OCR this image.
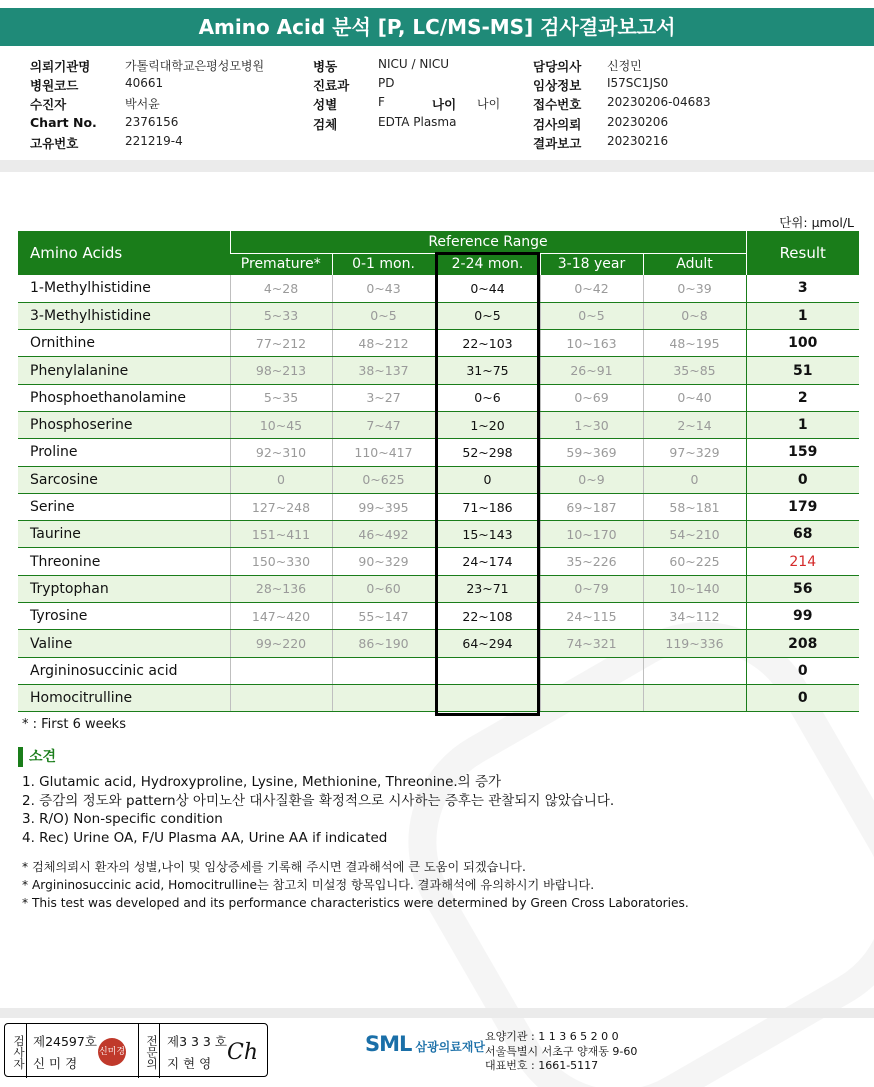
Amino Acid 분석 [P, LC/MS-MS] 검사결과보고서
의뢰기관명	가톨릭대학교은평성모병원
병원코드	40661
수진자	박서윤
Chart No. 2376156
고유번호	221219-4
병동	NICU / NICU
진료과 PD
성별	F
검체	EDTA Plasma
담당의사 신정민
임상정보 I57SC1JS0
접수번호 20230206-04683
검사의뢰 20230206
결과보고 20230216
나이 나이
단위: µmol/L
Amino Acids	Reference Range					Result
	Premature*	0-1 mon.	2-24 mon.	3-18 year	Adult	
1-Methylhistidine	4~28	0~43	0~44	0~42	0~39	3
3-Methylhistidine	5~33	0~5	0~5	0~5	0~8	1
Ornithine	77~212	48~212	22~103	10~163	48~195	100
Phenylalanine	98~213	38~137	31~75	26~91	35~85	51
Phosphoethanolamine	5~35	3~27	0~6	0~69	0~40	2
Phosphoserine	10~45	7~47	1~20	1~30	2~14	1
Proline	92~310	110~417	52~298	59~369	97~329	159
Sarcosine	0	0~625	0	0~9	0	0
Serine	127~248	99~395	71~186	69~187	58~181	179
Taurine	151~411	46~492	15~143	10~170	54~210	68
Threonine	150~330	90~329	24~174	35~226	60~225	214
Tryptophan	28~136	0~60	23~71	0~79	10~140	56
Tyrosine	147~420	55~147	22~108	24~115	34~112	99
Valine	99~220	86~190	64~294	74~321	119~336	208
Argininosuccinic acid						0
Homocitrulline						0
* : First 6 weeks
소견
1. Glutamic acid, Hydroxyproline, Lysine, Methionine, Threonine.의 증가
2. 증감의 정도와 pattern상 아미노산 대사질환을 확정적으로 시사하는 증후는 관찰되지 않았습니다.
3. R/O) Non-specific condition
4. Rec) Urine OA, F/U Plasma AA, Urine AA if indicated
* 검체의뢰시 환자의 성별,나이 및 임상증세를 기록해 주시면 결과해석에 큰 도움이 되겠습니다.
* Argininosuccinic acid, Homocitrulline는 참고치 미설정 항목입니다. 결과해석에 유의하시기 바랍니다.
* This test was developed and its performance characteristics were determined by Green Cross Laboratories.
검사자 제24597호
신 미 경
신미경	전문의 제3 3 3 호
지 현 영 Ch	SML 삼광의료재단
요양기관 : 1 1 3 6 5 2 0 0
서울특별시 서초구 양재동 9-60
대표번호 : 1661-5117
